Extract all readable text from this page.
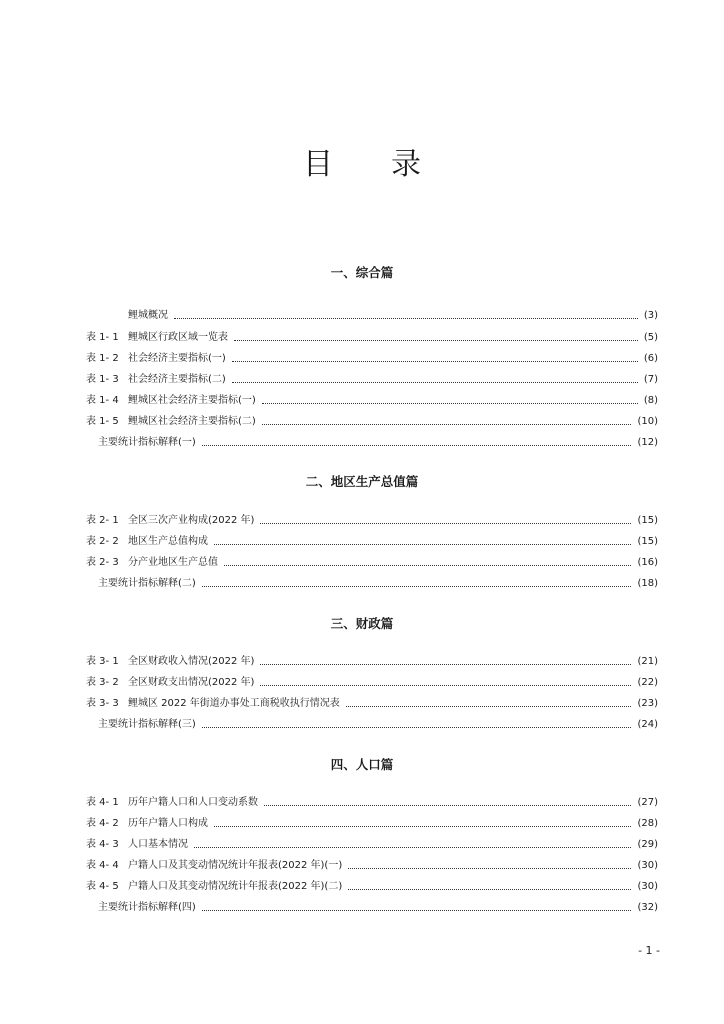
目 录
一、综合篇
鲤城概况	(3)
表 1- 1 鲤城区行政区域一览表	(5)
表 1- 2 社会经济主要指标(一)	(6)
表 1- 3 社会经济主要指标(二)	(7)
表 1- 4 鲤城区社会经济主要指标(一)	(8)
表 1- 5 鲤城区社会经济主要指标(二)	(10)
主要统计指标解释(一)	(12)
二、地区生产总值篇
表 2- 1 全区三次产业构成(2022 年)	(15)
表 2- 2 地区生产总值构成	(15)
表 2- 3 分产业地区生产总值	(16)
主要统计指标解释(二)	(18)
三、财政篇
表 3- 1 全区财政收入情况(2022 年)	(21)
表 3- 2 全区财政支出情况(2022 年)	(22)
表 3- 3 鲤城区 2022 年街道办事处工商税收执行情况表	(23)
主要统计指标解释(三)	(24)
四、人口篇
表 4- 1 历年户籍人口和人口变动系数	(27)
表 4- 2 历年户籍人口构成	(28)
表 4- 3 人口基本情况	(29)
表 4- 4 户籍人口及其变动情况统计年报表(2022 年)(一)	(30)
表 4- 5 户籍人口及其变动情况统计年报表(2022 年)(二)	(30)
主要统计指标解释(四)	(32)
- 1 -
